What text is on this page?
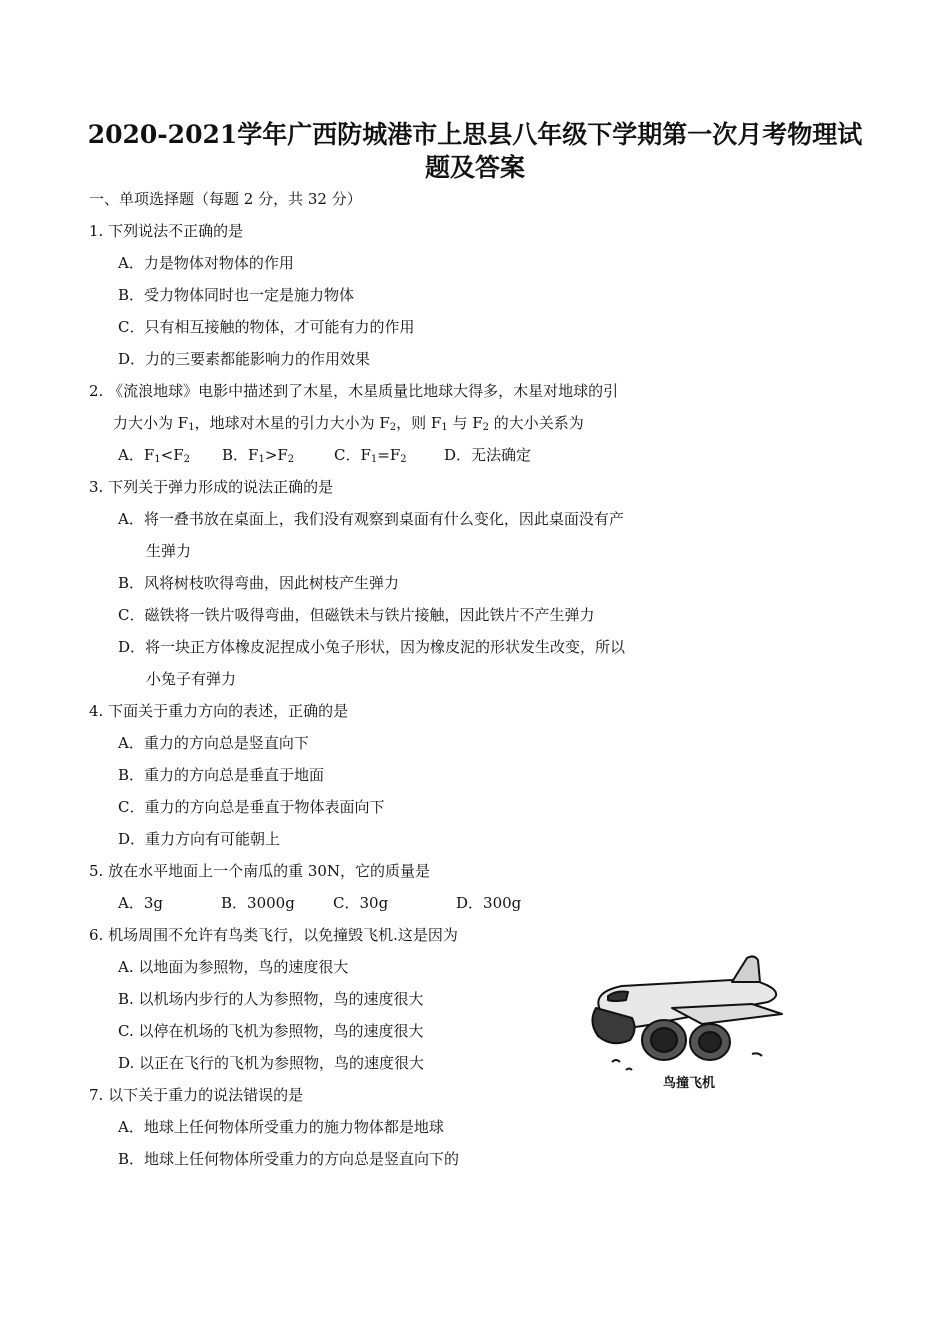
2020-2021学年广西防城港市上思县八年级下学期第一次月考物理试
题及答案
一、单项选择题（每题 2 分，共 32 分）
1. 下列说法不正确的是
A．力是物体对物体的作用
B．受力物体同时也一定是施力物体
C．只有相互接触的物体，才可能有力的作用
D．力的三要素都能影响力的作用效果
2. 《流浪地球》电影中描述到了木星，木星质量比地球大得多，木星对地球的引
力大小为 $F_1$，地球对木星的引力大小为 $F_2$，则 $F_1$ 与 $F_2$ 的大小关系为
A．$F_1<F_2$ B．$F_1>F_2$	C．$F_1=F_2$ D．无法确定
3. 下列关于弹力形成的说法正确的是
A．将一叠书放在桌面上，我们没有观察到桌面有什么变化，因此桌面没有产
生弹力
B．风将树枝吹得弯曲，因此树枝产生弹力
C．磁铁将一铁片吸得弯曲，但磁铁未与铁片接触，因此铁片不产生弹力
D．将一块正方体橡皮泥捏成小兔子形状，因为橡皮泥的形状发生改变，所以
小兔子有弹力
4. 下面关于重力方向的表述，正确的是
A．重力的方向总是竖直向下
B．重力的方向总是垂直于地面
C．重力的方向总是垂直于物体表面向下
D．重力方向有可能朝上
5. 放在水平地面上一个南瓜的重 30N，它的质量是
A．3g	B．3000g	C．30g	D．300g
6. 机场周围不允许有鸟类飞行，以免撞毁飞机.这是因为
A. 以地面为参照物，鸟的速度很大
B. 以机场内步行的人为参照物，鸟的速度很大
C. 以停在机场的飞机为参照物，鸟的速度很大
D. 以正在飞行的飞机为参照物，鸟的速度很大
鸟撞飞机
7. 以下关于重力的说法错误的是
A．地球上任何物体所受重力的施力物体都是地球
B．地球上任何物体所受重力的方向总是竖直向下的
